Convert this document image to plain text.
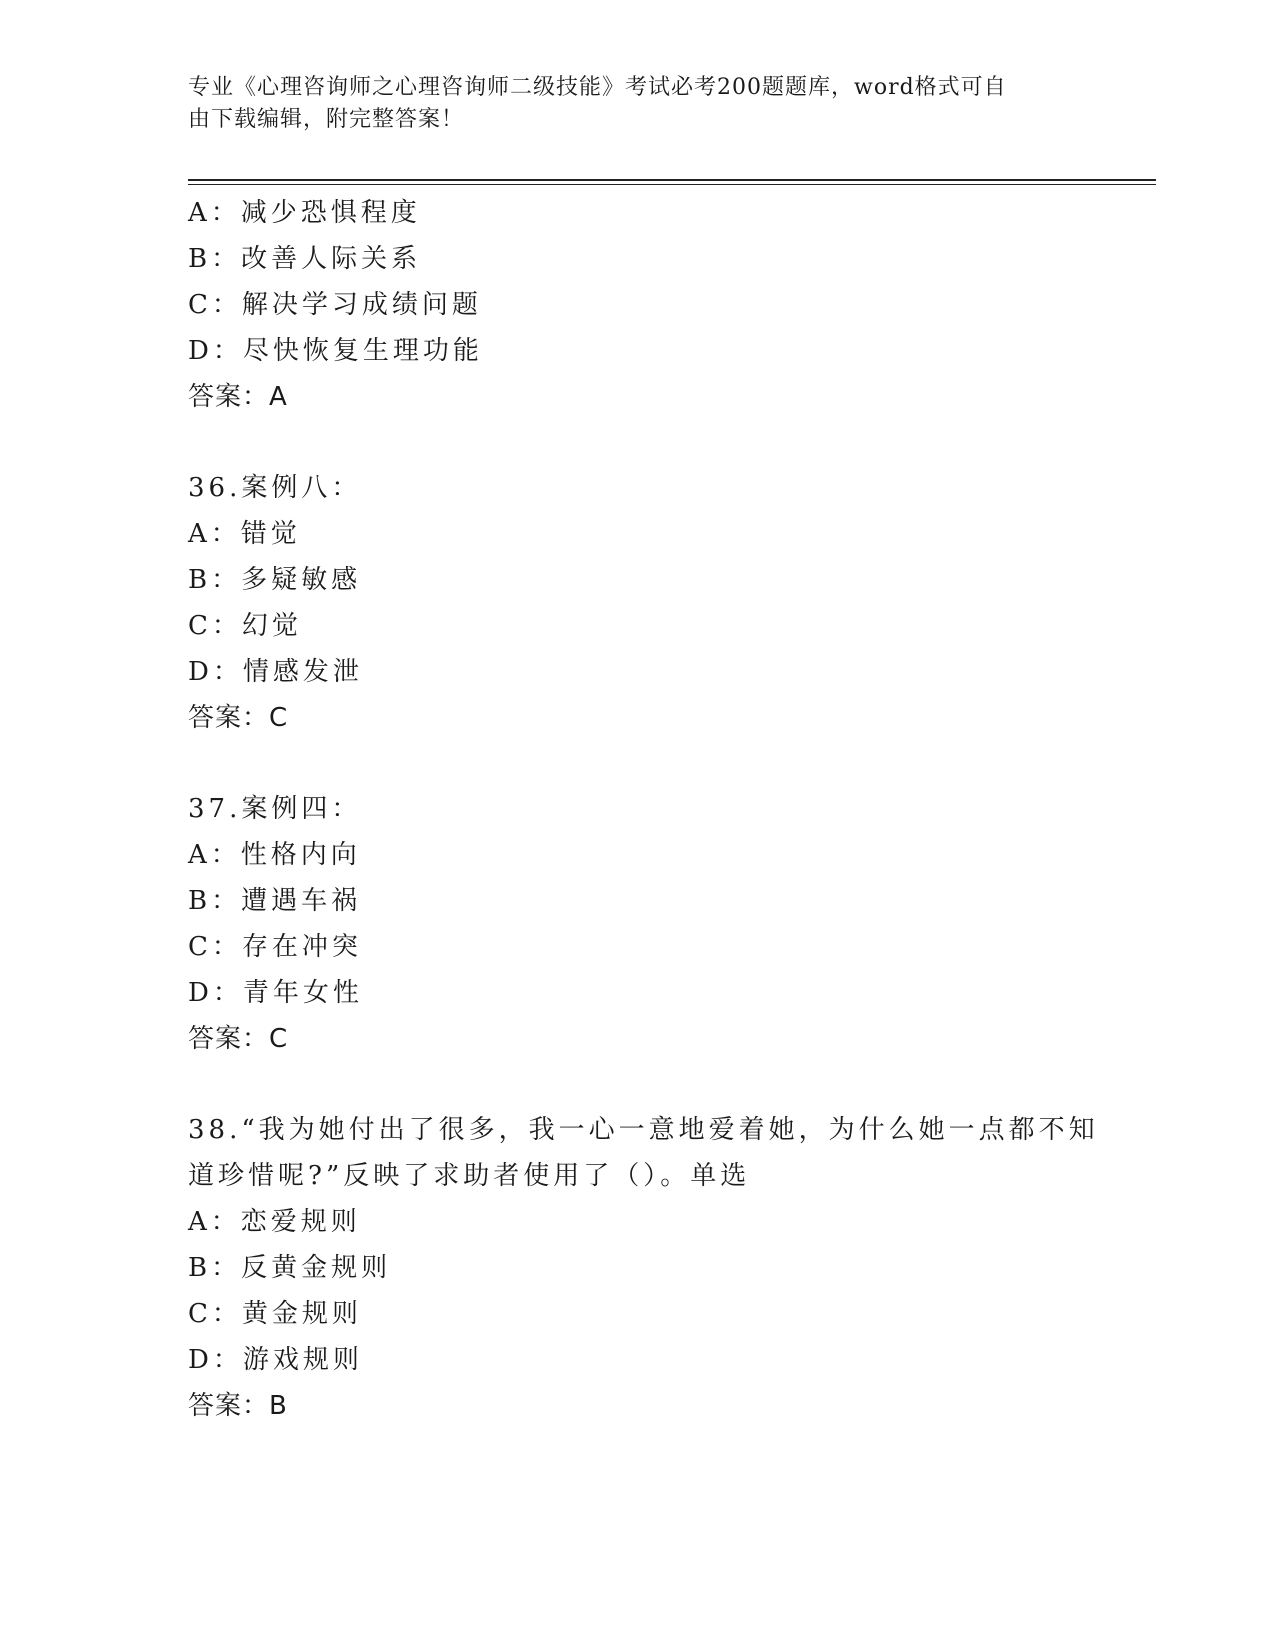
专业《心理咨询师之心理咨询师二级技能》考试必考200题题库，word格式可自
由下载编辑，附完整答案！
A：减少恐惧程度
B：改善人际关系
C：解决学习成绩问题
D：尽快恢复生理功能
答案：A
36.案例八：
A：错觉
B：多疑敏感
C：幻觉
D：情感发泄
答案：C
37.案例四：
A：性格内向
B：遭遇车祸
C：存在冲突
D：青年女性
答案：C
38.“我为她付出了很多，我一心一意地爱着她，为什么她一点都不知
道珍惜呢?”反映了求助者使用了（）。单选
A：恋爱规则
B：反黄金规则
C：黄金规则
D：游戏规则
答案：B
